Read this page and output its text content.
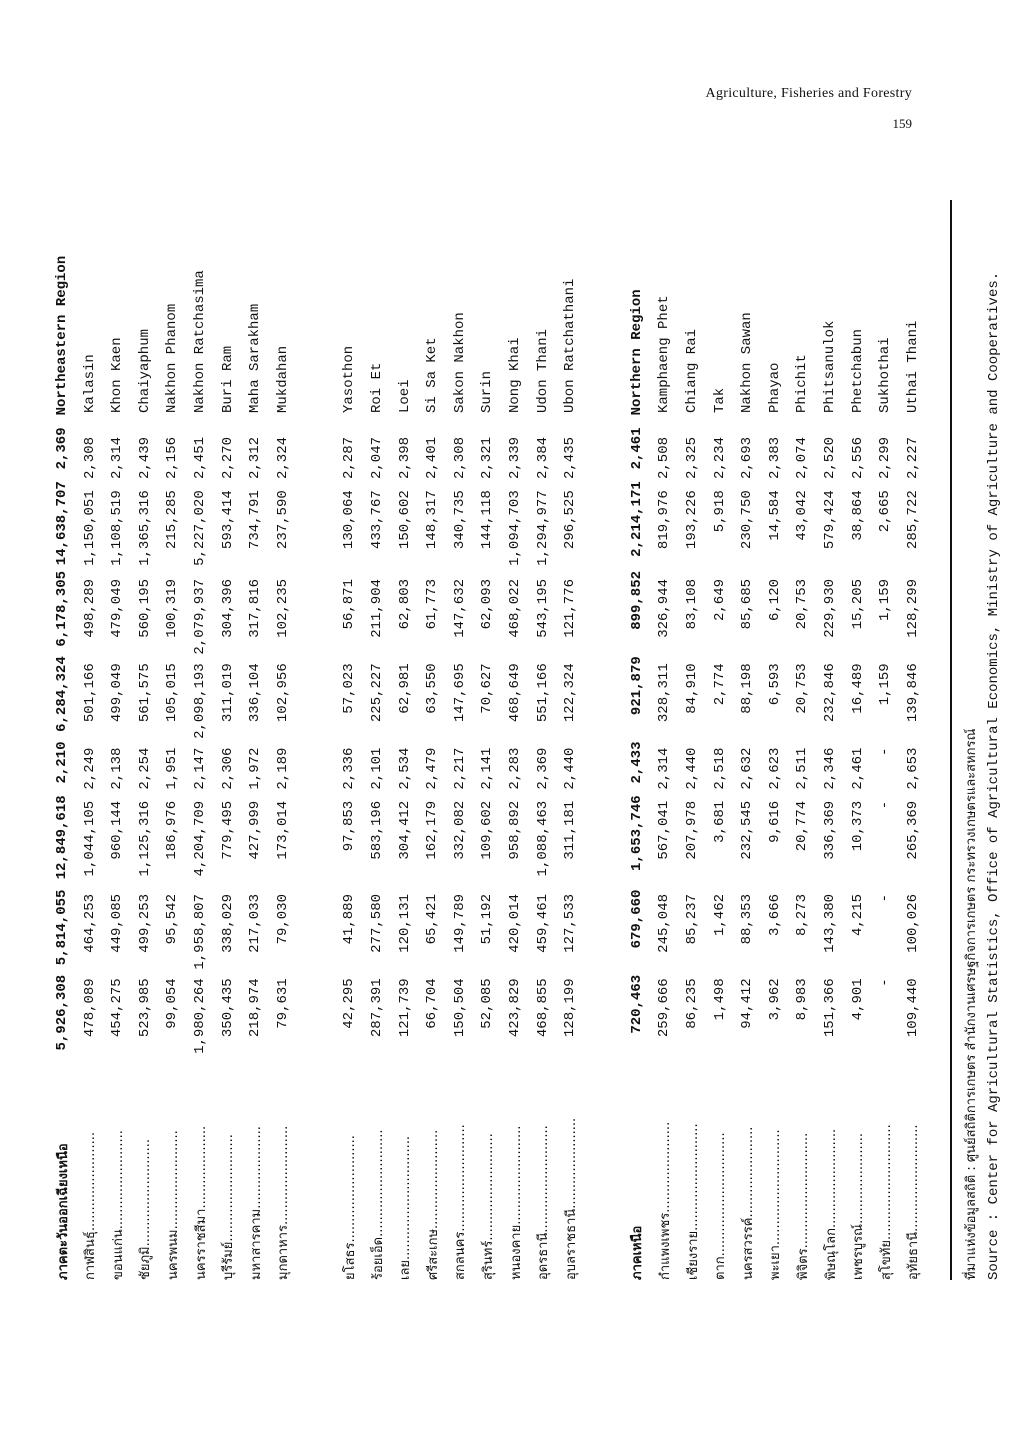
Agriculture, Fisheries and Forestry
159
ภาคตะวันออกเฉียงเหนือ
5,926,308
5,814,055
12,849,618
2,210
6,284,324
6,178,305
14,638,707
2,369
Northeastern Region
กาฬสินธุ์........................
478,089
464,253
1,044,105
2,249
501,166
498,289
1,150,051
2,308
Kalasin
ขอนแก่น........................
454,275
449,085
960,144
2,138
499,049
479,049
1,108,519
2,314
Khon Kaen
ชัยภูมิ..........................
523,985
499,253
1,125,316
2,254
561,575
560,195
1,365,316
2,439
Chaiyaphum
นครพนม........................
99,054
95,542
186,976
1,951
105,015
100,319
215,285
2,156
Nakhon Phanom
นครราชสีมา....................
1,980,264
1,958,807
4,204,709
2,147
2,098,193
2,079,937
5,227,020
2,451
Nakhon Ratchasima
บุรีรัมย์..........................
350,435
338,029
779,495
2,306
311,019
304,396
593,414
2,270
Buri Ram
มหาสารคาม....................
218,974
217,033
427,999
1,972
336,104
317,816
734,791
2,312
Maha Sarakham
มุกดาหาร........................
79,631
79,030
173,014
2,189
102,956
102,235
237,590
2,324
Mukdahan
ยโสธร..........................
42,295
41,889
97,853
2,336
57,023
56,871
130,064
2,287
Yasothon
ร้อยเอ็ด..........................
287,391
277,580
583,196
2,101
225,227
211,904
433,767
2,047
Roi Et
เลย..............................
121,739
120,131
304,412
2,534
62,981
62,803
150,602
2,398
Loei
ศรีสะเกษ........................
66,704
65,421
162,179
2,479
63,550
61,773
148,317
2,401
Si Sa Ket
สกลนคร..........................
150,504
149,789
332,082
2,217
147,695
147,632
340,735
2,308
Sakon Nakhon
สุรินทร์..........................
52,085
51,192
109,602
2,141
70,627
62,093
144,118
2,321
Surin
หนองคาย........................
423,829
420,014
958,892
2,283
468,649
468,022
1,094,703
2,339
Nong Khai
อุดรธานี..........................
468,855
459,461
1,088,463
2,369
551,166
543,195
1,294,977
2,384
Udon Thani
อุบลราชธานี......................
128,199
127,533
311,181
2,440
122,324
121,776
296,525
2,435
Ubon Ratchathani
ภาคเหนือ
720,463
679,660
1,653,746
2,433
921,879
899,852
2,214,171
2,461
Northern Region
กำแพงเพชร......................
259,666
245,048
567,041
2,314
328,311
326,944
819,976
2,508
Kamphaeng Phet
เชียงราย..........................
86,235
85,237
207,978
2,440
84,910
83,108
193,226
2,325
Chiang Rai
ตาก..............................
1,498
1,462
3,681
2,518
2,774
2,649
5,918
2,234
Tak
นครสวรรค์......................
94,412
88,353
232,545
2,632
88,198
85,685
230,750
2,693
Nakhon Sawan
พะเยา............................
3,962
3,666
9,616
2,623
6,593
6,120
14,584
2,383
Phayao
พิจิตร............................
8,983
8,273
20,774
2,511
20,753
20,753
43,042
2,074
Phichit
พิษณุโลก........................
151,366
143,380
336,369
2,346
232,846
229,930
579,424
2,520
Phitsanulok
เพชรบูรณ์......................
4,901
4,215
10,373
2,461
16,489
15,205
38,864
2,556
Phetchabun
สุโขทัย............................
-
-
-
-
1,159
1,159
2,665
2,299
Sukhothai
อุทัยธานี..........................
109,440
100,026
265,369
2,653
139,846
128,299
285,722
2,227
Uthai Thani
ที่มาแห่งข้อมูลสถิติ : ศูนย์สถิติการเกษตร สำนักงานเศรษฐกิจการเกษตร กระทรวงเกษตรและสหกรณ์ Source : Center for Agricultural Statistics, Office of Agricultural Economics, Ministry of Agriculture and Cooperatives.
